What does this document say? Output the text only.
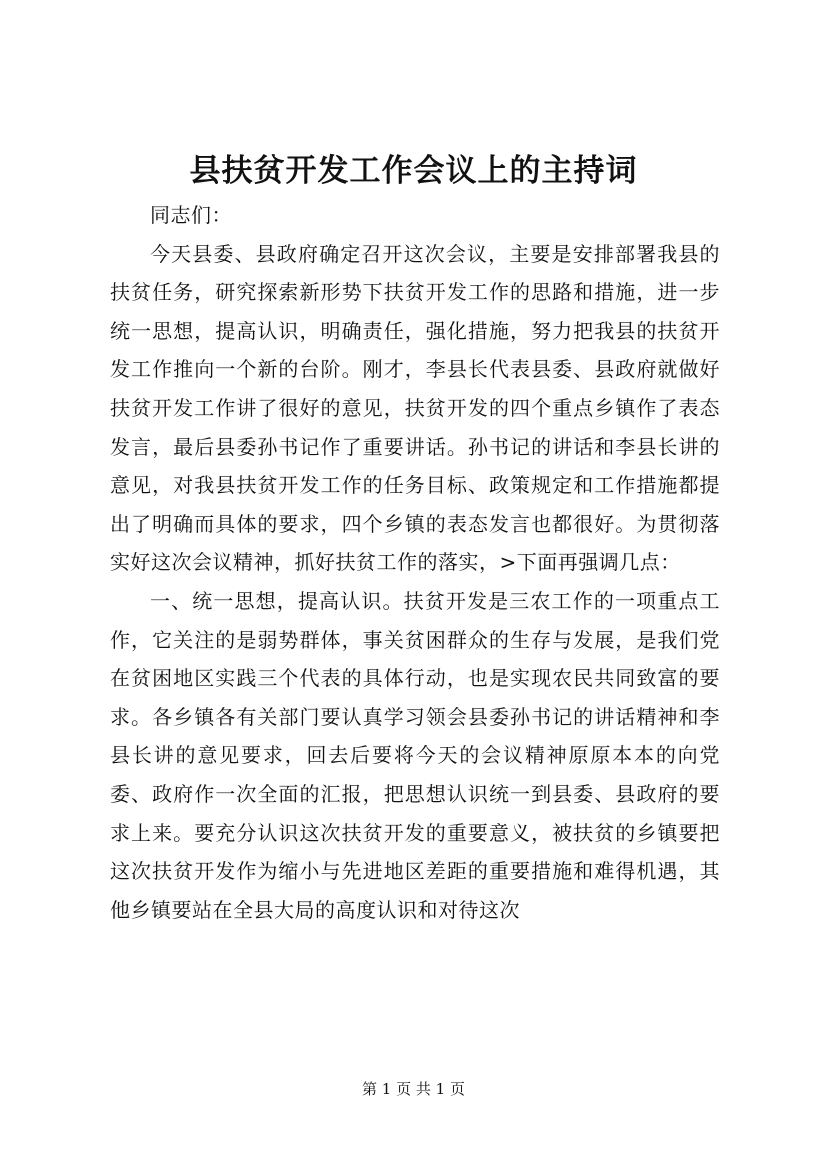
县扶贫开发工作会议上的主持词

同志们：

今天县委、县政府确定召开这次会议，主要是安排部署我县的扶贫任务，研究探索新形势下扶贫开发工作的思路和措施，进一步统一思想，提高认识，明确责任，强化措施，努力把我县的扶贫开发工作推向一个新的台阶。刚才，李县长代表县委、县政府就做好扶贫开发工作讲了很好的意见，扶贫开发的四个重点乡镇作了表态发言，最后县委孙书记作了重要讲话。孙书记的讲话和李县长讲的意见，对我县扶贫开发工作的任务目标、政策规定和工作措施都提出了明确而具体的要求，四个乡镇的表态发言也都很好。为贯彻落实好这次会议精神，抓好扶贫工作的落实，>下面再强调几点：

一、统一思想，提高认识。扶贫开发是三农工作的一项重点工作，它关注的是弱势群体，事关贫困群众的生存与发展，是我们党在贫困地区实践三个代表的具体行动，也是实现农民共同致富的要求。各乡镇各有关部门要认真学习领会县委孙书记的讲话精神和李县长讲的意见要求，回去后要将今天的会议精神原原本本的向党委、政府作一次全面的汇报，把思想认识统一到县委、县政府的要求上来。要充分认识这次扶贫开发的重要意义，被扶贫的乡镇要把这次扶贫开发作为缩小与先进地区差距的重要措施和难得机遇，其他乡镇要站在全县大局的高度认识和对待这次

第 1 页 共 1 页
